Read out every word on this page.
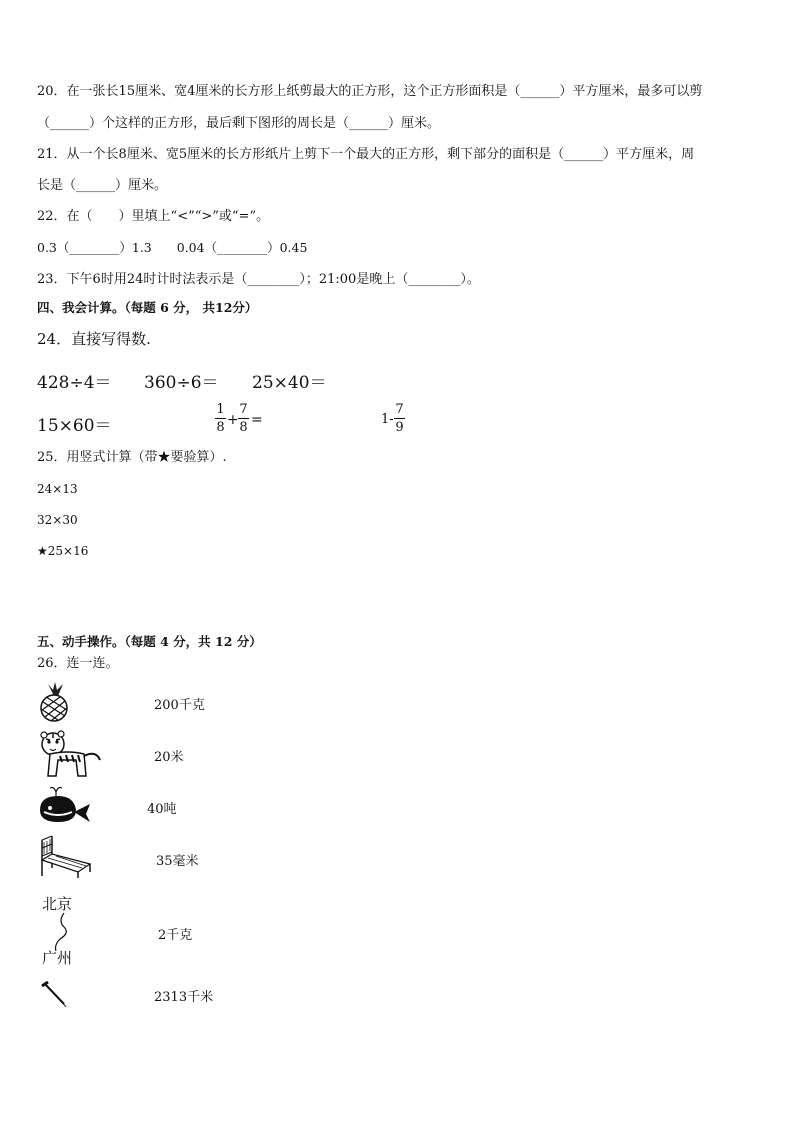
20．在一张长15厘米、宽4厘米的长方形上纸剪最大的正方形，这个正方形面积是（______）平方厘米，最多可以剪
（______）个这样的正方形，最后剩下图形的周长是（______）厘米。
21．从一个长8厘米、宽5厘米的长方形纸片上剪下一个最大的正方形，剩下部分的面积是（______）平方厘米，周
长是（______）厘米。
22．在（　　）里填上“<”“>”或“=”。
0.3（________）1.3　　0.04（________）0.45
23．下午6时用24时计时法表示是（________）；21:00是晚上（________）。
四、我会计算。（每题 6 分， 共12分）
24．直接写得数.
428÷4＝ 360÷6＝ 25×40＝
15×60＝
1
8 +
7
8 =	1-
7
9
25．用竖式计算（带★要验算）.
24×13
32×30
★25×16
五、动手操作。（每题 4 分，共 12 分）
26．连一连。
北京
广州
200千克
20米
40吨
35毫米
2千克
2313千米
